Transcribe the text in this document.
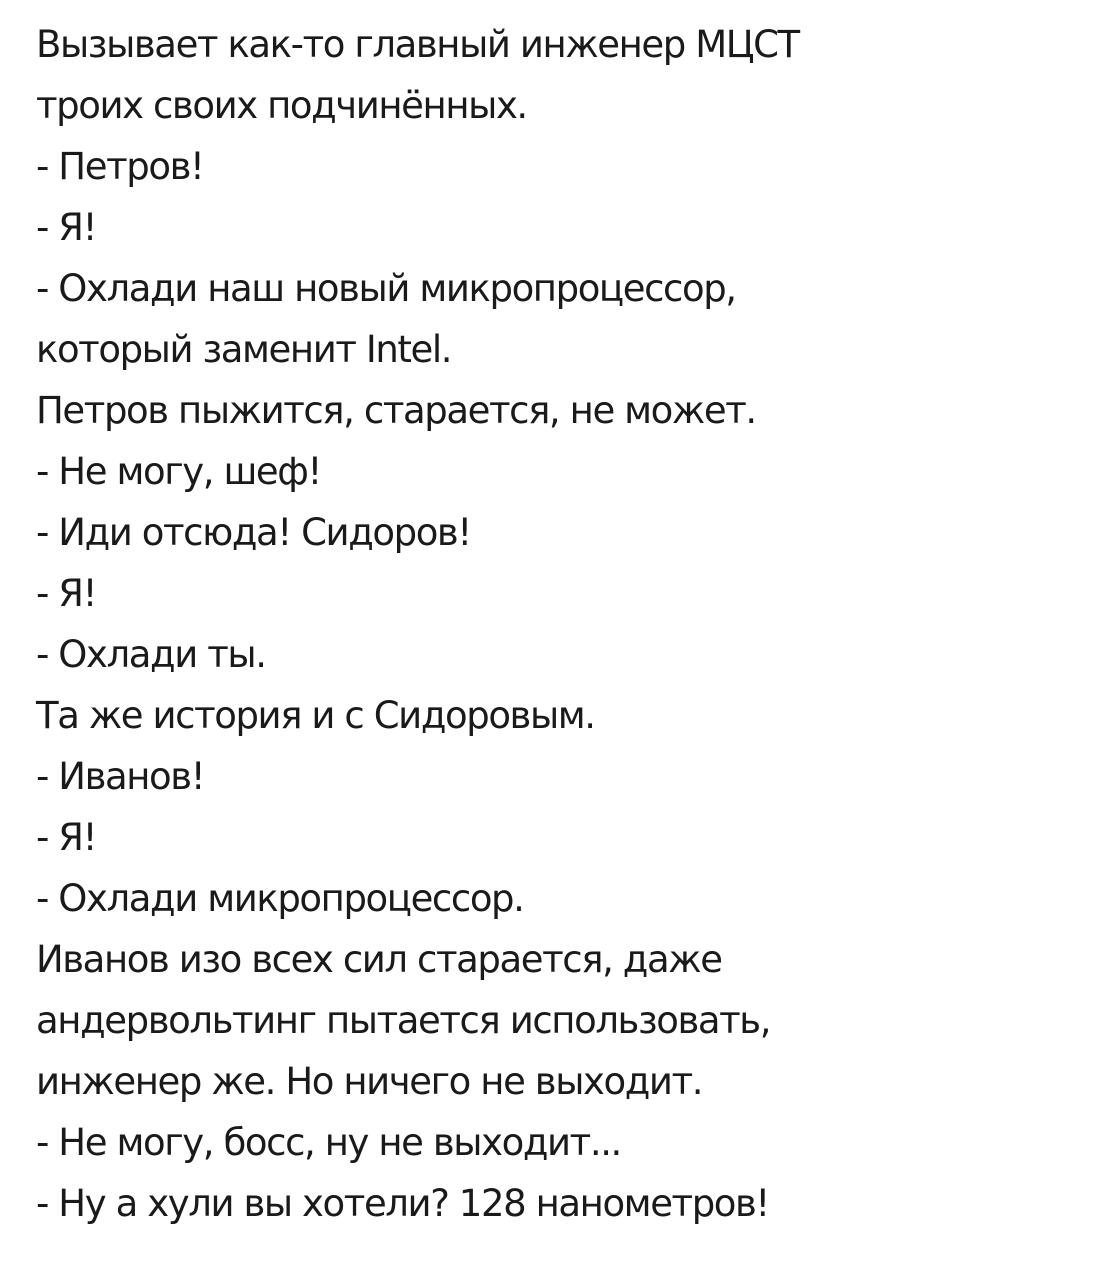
Вызывает как-то главный инженер МЦСТ
троих своих подчинённых.
- Петров!
- Я!
- Охлади наш новый микропроцессор,
который заменит Intel.
Петров пыжится, старается, не может.
- Не могу, шеф!
- Иди отсюда! Сидоров!
- Я!
- Охлади ты.
Та же история и с Сидоровым.
- Иванов!
- Я!
- Охлади микропроцессор.
Иванов изо всех сил старается, даже
андервольтинг пытается использовать,
инженер же. Но ничего не выходит.
- Не могу, босс, ну не выходит...
- Ну а хули вы хотели? 128 нанометров!
